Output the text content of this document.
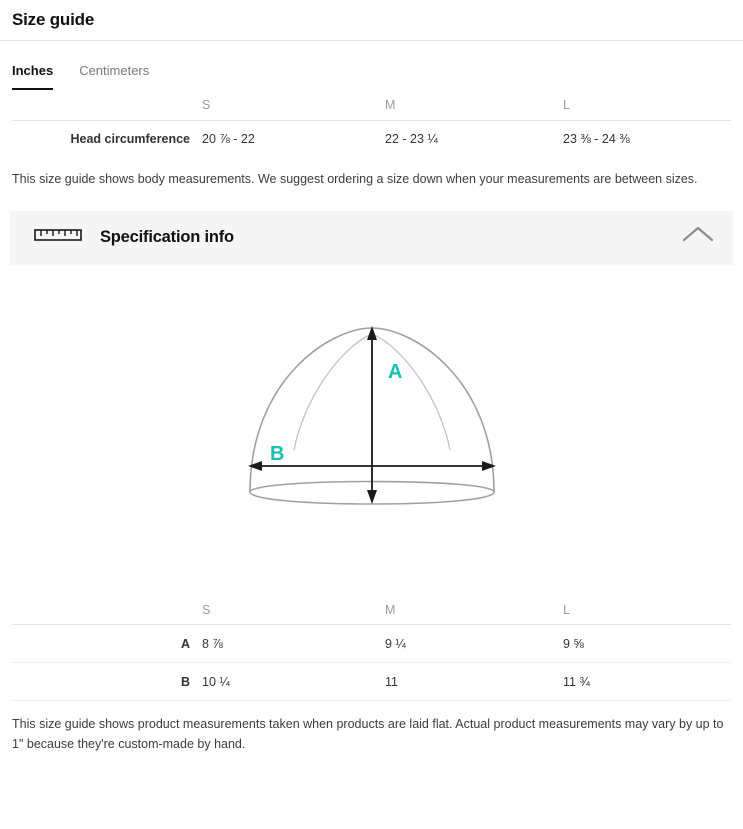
Size guide
Inches Centimeters
	S	M	L
Head circumference	20 ⅞ - 22	22 - 23 ¼	23 ⅜ - 24 ⅜
This size guide shows body measurements. We suggest ordering a size down when your measurements are between sizes.
Specification info
A
B
	S	M	L
A	8 ⅞	9 ¼	9 ⅝
B	10 ¼	11	11 ¾
This size guide shows product measurements taken when products are laid flat. Actual product measurements may vary by up to 1" because they're custom-made by hand.
